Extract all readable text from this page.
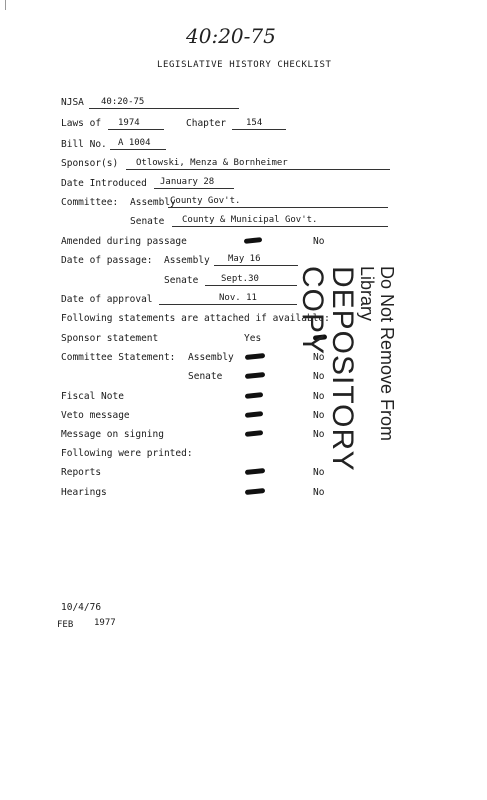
40:20-75
LEGISLATIVE HISTORY CHECKLIST
NJSA	40:20-75
Laws of	1974	Chapter	154
Bill No.	A 1004
Sponsor(s)	Otlowski, Menza & Bornheimer
Date Introduced	January 28
Committee: Assembly
County Gov't.
Senate	County & Municipal Gov't.
Amended during passage	No
Date of passage: Assembly	May 16
Senate	Sept.30
Date of approval	Nov. 11
Following statements are attached if available:
Sponsor statement	Yes
Committee Statement: Assembly	No
Senate	No
Fiscal Note	No
Veto message	No
Message on signing	No
Following were printed:
Reports	No
Hearings	No
10/4/76
FEB 1977
Do Not Remove From Library
DEPOSITORY COPY
